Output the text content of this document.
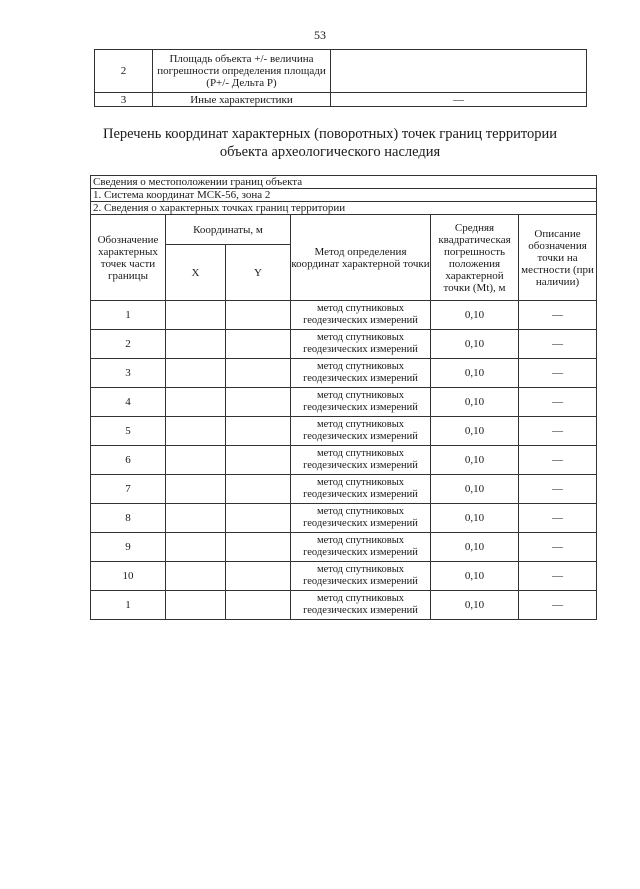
53
2	Площадь объекта +/- величина погрешности определения площади (Р+/- Дельта Р)	
3	Иные характеристики	—
Перечень координат характерных (поворотных) точек границ территории
объекта археологического наследия
Сведения о местоположении границ объекта					
1. Система координат МСК-56, зона 2					
2. Сведения о характерных точках границ территории					
Обозначение характерных точек части границы	Координаты, м		Метод определения координат характерной точки	Средняя квадратическая погрешность положения характерной точки (Mt), м	Описание обозначения точки на местности (при наличии)
	X	Y			
1			метод спутниковых геодезических измерений	0,10	—
2			метод спутниковых геодезических измерений	0,10	—
3			метод спутниковых геодезических измерений	0,10	—
4			метод спутниковых геодезических измерений	0,10	—
5			метод спутниковых геодезических измерений	0,10	—
6			метод спутниковых геодезических измерений	0,10	—
7			метод спутниковых геодезических измерений	0,10	—
8			метод спутниковых геодезических измерений	0,10	—
9			метод спутниковых геодезических измерений	0,10	—
10			метод спутниковых геодезических измерений	0,10	—
1			метод спутниковых геодезических измерений	0,10	—
